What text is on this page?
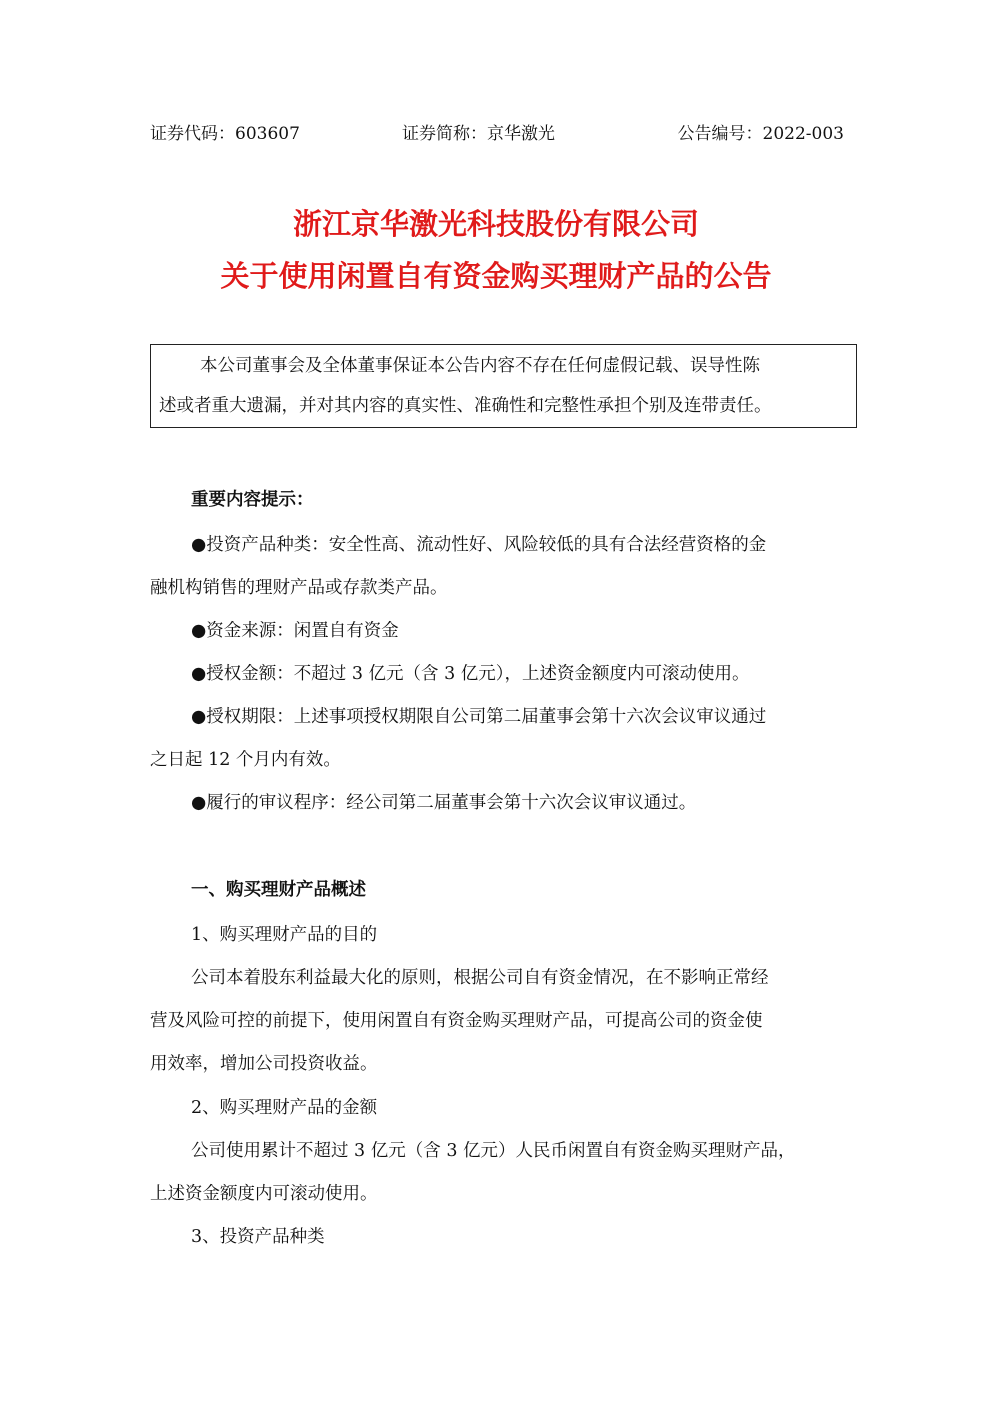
证券代码：603607	证券简称：京华激光	公告编号：2022-003
浙江京华激光科技股份有限公司
关于使用闲置自有资金购买理财产品的公告
本公司董事会及全体董事保证本公告内容不存在任何虚假记载、误导性陈
述或者重大遗漏，并对其内容的真实性、准确性和完整性承担个别及连带责任。
重要内容提示：
●投资产品种类：安全性高、流动性好、风险较低的具有合法经营资格的金
融机构销售的理财产品或存款类产品。
●资金来源：闲置自有资金
●授权金额：不超过 3 亿元（含 3 亿元），上述资金额度内可滚动使用。
●授权期限：上述事项授权期限自公司第二届董事会第十六次会议审议通过
之日起 12 个月内有效。
●履行的审议程序：经公司第二届董事会第十六次会议审议通过。
一、购买理财产品概述
1、购买理财产品的目的
公司本着股东利益最大化的原则，根据公司自有资金情况，在不影响正常经
营及风险可控的前提下，使用闲置自有资金购买理财产品，可提高公司的资金使
用效率，增加公司投资收益。
2、购买理财产品的金额
公司使用累计不超过 3 亿元（含 3 亿元）人民币闲置自有资金购买理财产品，
上述资金额度内可滚动使用。
3、投资产品种类
